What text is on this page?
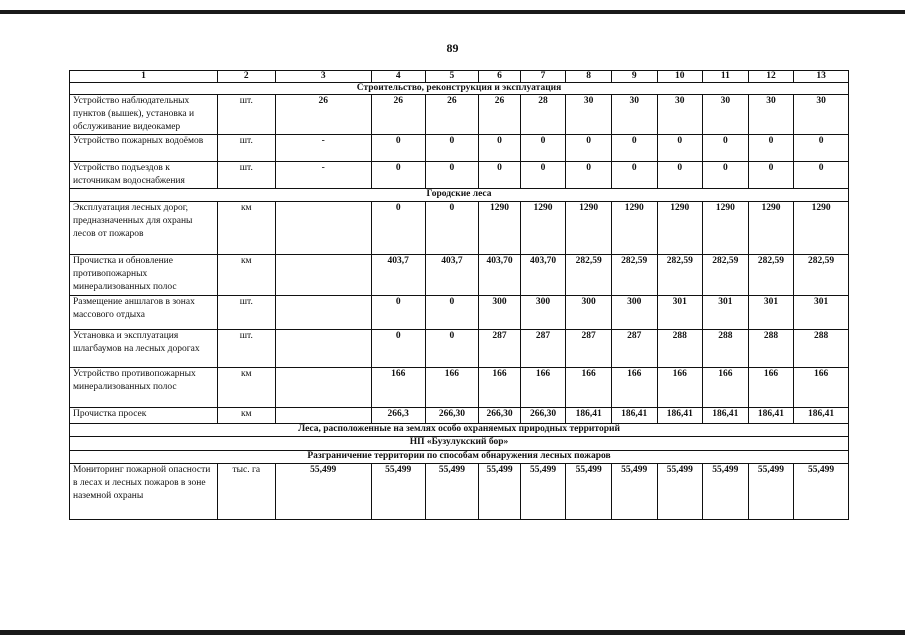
89
1	2	3	4	5	6	7	8	9	10	11	12	13
Строительство, реконструкция и эксплуатация												
Устройство наблюдательных пунктов (вышек), установка и обслуживание видеокамер	шт.	26	26	26	26	28	30	30	30	30	30	30
Устройство пожарных водоёмов	шт.	-	0	0	0	0	0	0	0	0	0	0
Устройство подъездов к источникам водоснабжения	шт.	-	0	0	0	0	0	0	0	0	0	0
Городские леса												
Эксплуатация лесных дорог, предназначенных для охраны лесов от пожаров	км		0	0	1290	1290	1290	1290	1290	1290	1290	1290
Прочистка и обновление противопожарных минерализованных полос	км		403,7	403,7	403,70	403,70	282,59	282,59	282,59	282,59	282,59	282,59
Размещение аншлагов в зонах массового отдыха	шт.		0	0	300	300	300	300	301	301	301	301
Установка и эксплуатация шлагбаумов на лесных дорогах	шт.		0	0	287	287	287	287	288	288	288	288
Устройство противопожарных минерализованных полос	км		166	166	166	166	166	166	166	166	166	166
Прочистка просек	км		266,3	266,30	266,30	266,30	186,41	186,41	186,41	186,41	186,41	186,41
Леса, расположенные на землях особо охраняемых природных территорий												
НП «Бузулукский бор»												
Разграничение территории по способам обнаружения лесных пожаров												
Мониторинг пожарной опасности в лесах и лесных пожаров в зоне наземной охраны	тыс. га	55,499	55,499	55,499	55,499	55,499	55,499	55,499	55,499	55,499	55,499	55,499
